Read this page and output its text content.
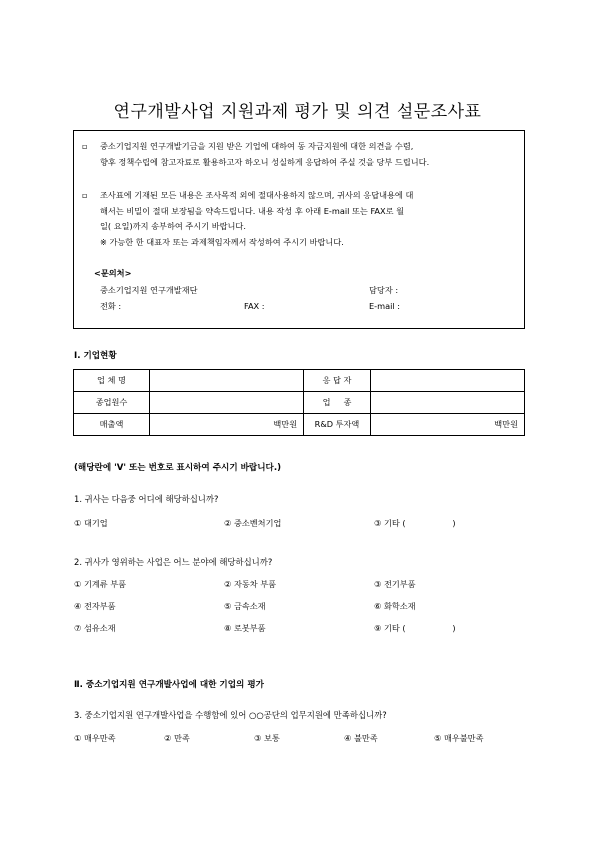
연구개발사업 지원과제 평가 및 의견 설문조사표
▫	중소기업지원 연구개발기금을 지원 받은 기업에 대하여 동 자금지원에 대한 의견을 수렴,
향후 정책수립에 참고자료로 활용하고자 하오니 성실하게 응답하여 주실 것을 당부 드립니다.
▫	조사표에 기재된 모든 내용은 조사목적 외에 절대사용하지 않으며, 귀사의 응답내용에 대
해서는 비밀이 절대 보장됨을 약속드립니다. 내용 작성 후 아래 E-mail 또는 FAX로 월
일( 요일)까지 송부하여 주시기 바랍니다.
※ 가능한 한 대표자 또는 과제책임자께서 작성하여 주시기 바랍니다.
<문의처>
중소기업지원 연구개발재단	담당자 :
전화 :	FAX :	E-mail :
Ⅰ. 기업현황
업 체 명		응 답 자	
종업원수		업     종	
매출액	백만원	R&D 투자액	백만원
(해당란에 'V' 또는 번호로 표시하여 주시기 바랍니다.)
1. 귀사는 다음중 어디에 해당하십니까?
① 대기업	② 중소벤처기업	③ 기타 (                  )
2. 귀사가 영위하는 사업은 어느 분야에 해당하십니까?
① 기계류 부품	② 자동차 부품	③ 전기부품
④ 전자부품	⑤ 금속소재	⑥ 화학소재
⑦ 섬유소재	⑧ 로봇부품	⑨ 기타 (                  )
Ⅱ. 중소기업지원 연구개발사업에 대한 기업의 평가
3. 중소기업지원 연구개발사업을 수행함에 있어 ○○공단의 업무지원에 만족하십니까?
① 매우만족	② 만족	③ 보통	④ 불만족	⑤ 매우불만족
